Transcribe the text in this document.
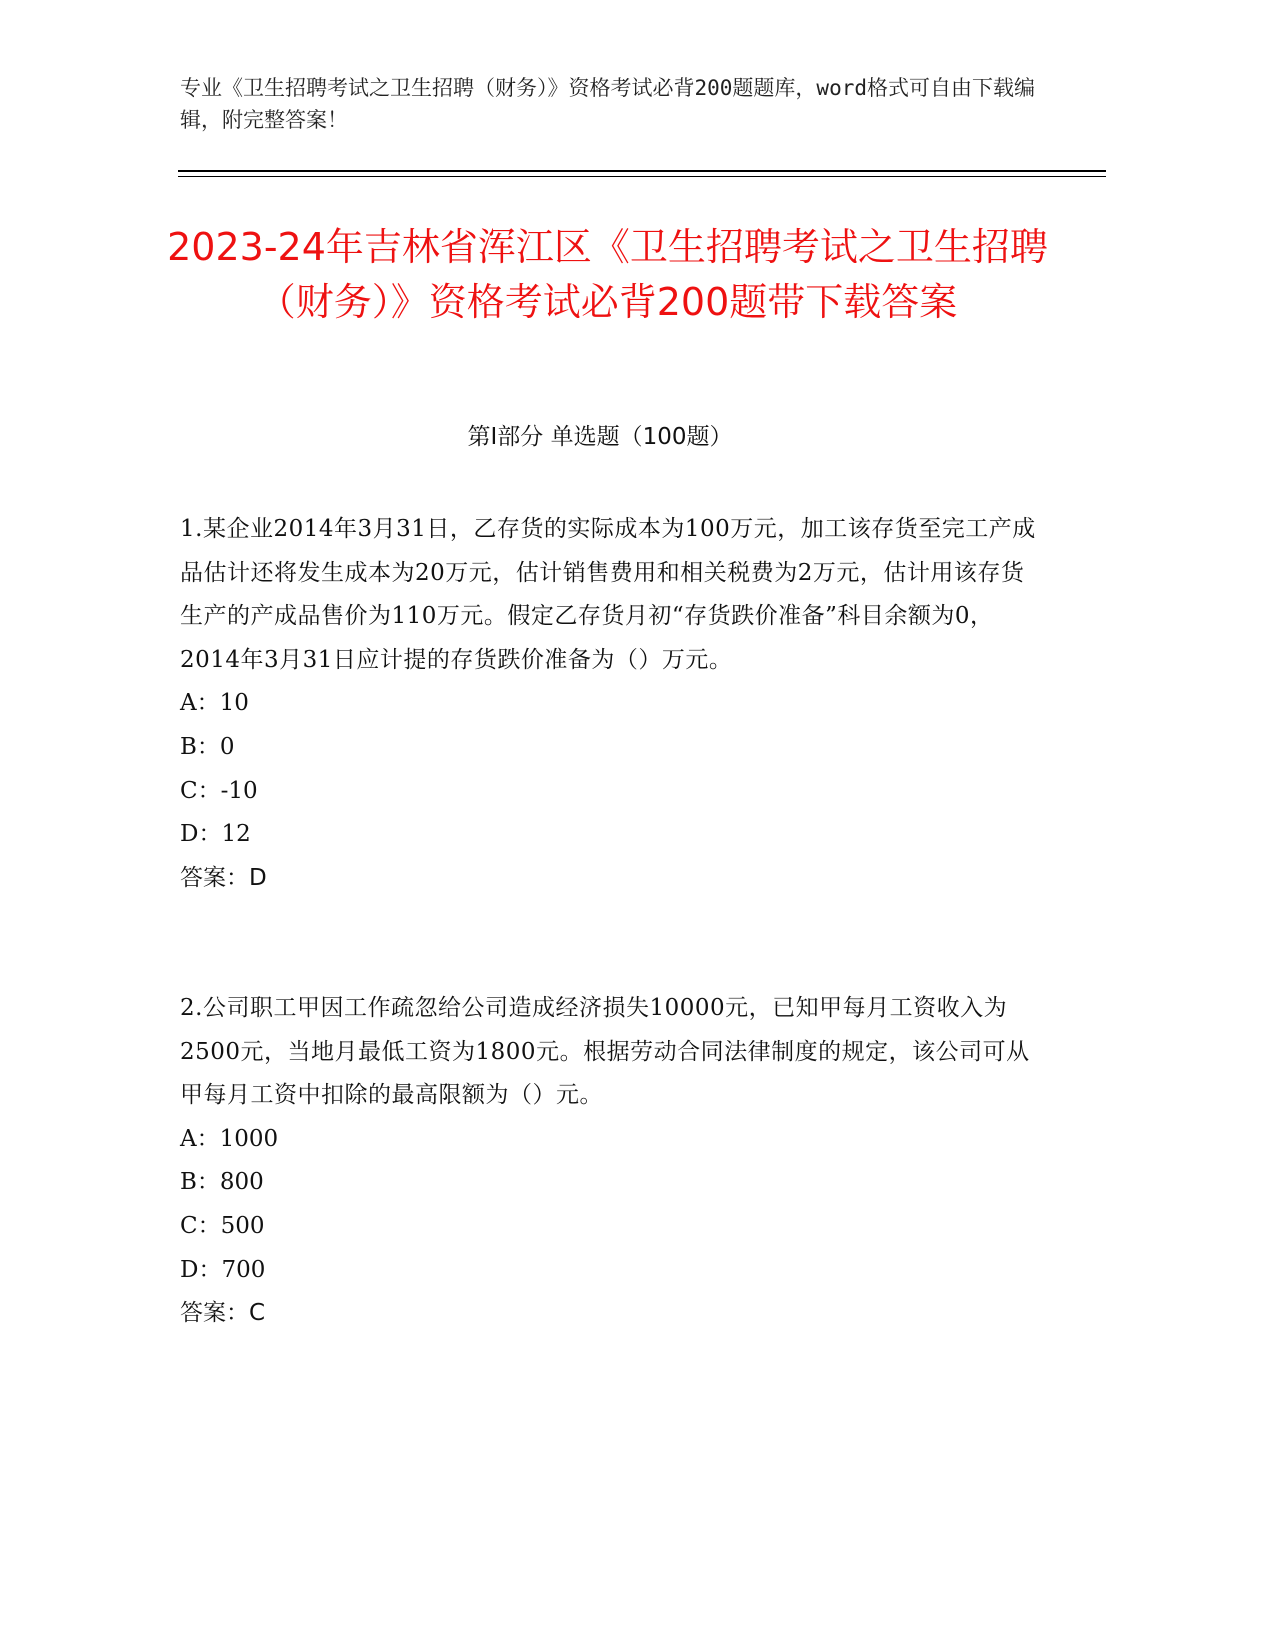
专业《卫生招聘考试之卫生招聘（财务）》资格考试必背200题题库，word格式可自由下载编辑，附完整答案！

2023-24年吉林省浑江区《卫生招聘考试之卫生招聘（财务）》资格考试必背200题带下载答案
第Ⅰ部分 单选题（100题）

1.某企业2014年3月31日，乙存货的实际成本为100万元，加工该存货至完工产成品估计还将发生成本为20万元，估计销售费用和相关税费为2万元，估计用该存货生产的产成品售价为110万元。假定乙存货月初“存货跌价准备”科目余额为0，2014年3月31日应计提的存货跌价准备为（）万元。

A：10

B：0

C：-10

D：12

答案：D

2.公司职工甲因工作疏忽给公司造成经济损失10000元，已知甲每月工资收入为2500元，当地月最低工资为1800元。根据劳动合同法律制度的规定，该公司可从甲每月工资中扣除的最高限额为（）元。

A：1000

B：800

C：500

D：700

答案：C
